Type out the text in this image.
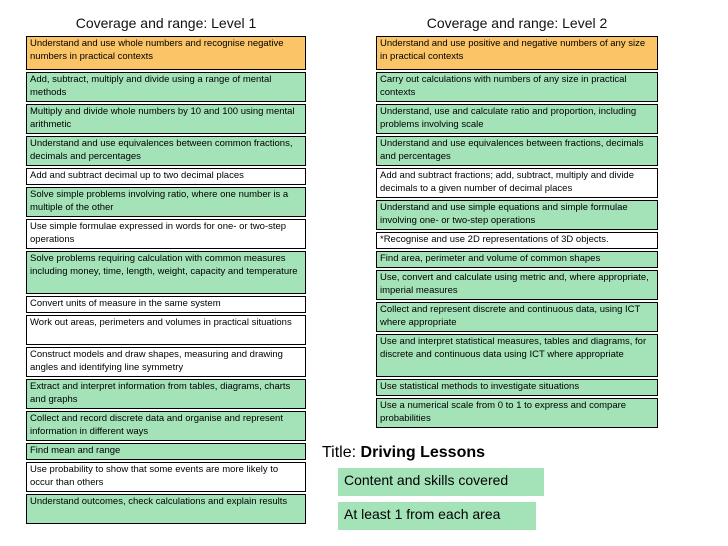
Coverage and range: Level 1	Coverage and range: Level 2
Understand and use whole numbers and recognise negative numbers in practical contexts
Add, subtract, multiply and divide using a range of mental methods
Multiply and divide whole numbers by 10 and 100 using mental arithmetic
Understand and use equivalences between common fractions, decimals and percentages
Add and subtract decimal up to two decimal places
Solve simple problems involving ratio, where one number is a multiple of the other
Use simple formulae expressed in words for one- or two-step operations
Solve problems requiring calculation with common measures including money, time, length, weight, capacity and temperature
Convert units of measure in the same system
Work out areas, perimeters and volumes in practical situations
Construct models and draw shapes, measuring and drawing angles and identifying line symmetry
Extract and interpret information from tables, diagrams, charts and graphs
Collect and record discrete data and organise and represent information in different ways
Find mean and range
Use probability to show that some events are more likely to occur than others
Understand outcomes, check calculations and explain results
Understand and use positive and negative numbers of any size in practical contexts
Carry out calculations with numbers of any size in practical contexts
Understand, use and calculate ratio and proportion, including problems involving scale
Understand and use equivalences between fractions, decimals and percentages
Add and subtract fractions; add, subtract, multiply and divide decimals to a given number of decimal places
Understand and use simple equations and simple formulae involving one- or two-step operations
*Recognise and use 2D representations of 3D objects.
Find area, perimeter and volume of common shapes
Use, convert and calculate using metric and, where appropriate, imperial measures
Collect and represent discrete and continuous data, using ICT where appropriate
Use and interpret statistical measures, tables and diagrams, for discrete and continuous data using ICT where appropriate
Use statistical methods to investigate situations
Use a numerical scale from 0 to 1 to express and compare probabilities
Title: Driving Lessons
Content and skills covered
At least 1 from each area
